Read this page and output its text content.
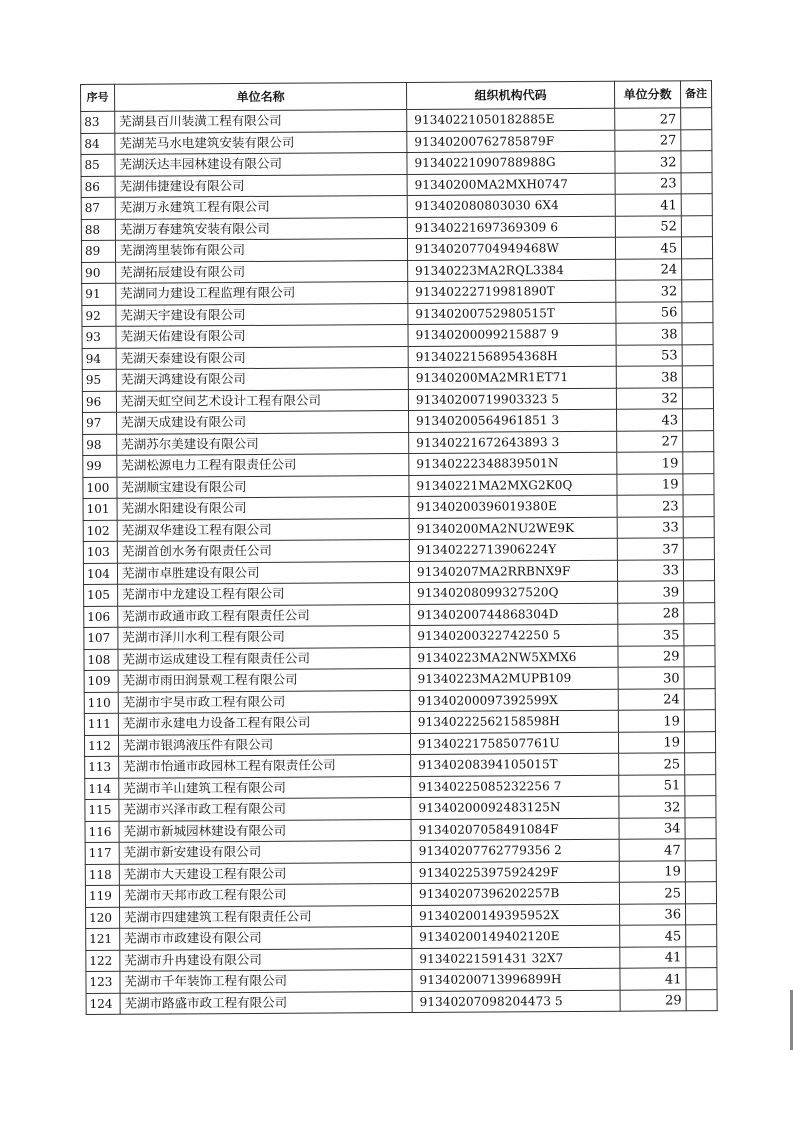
序号	单位名称	组织机构代码	单位分数	备注
83	芜湖县百川装潢工程有限公司	91340221050182885E	27	
84	芜湖芜马水电建筑安装有限公司	91340200762785879F	27	
85	芜湖沃达丰园林建设有限公司	91340221090788988G	32	
86	芜湖伟捷建设有限公司	91340200MA2MXH0747	23	
87	芜湖万永建筑工程有限公司	913402080803030 6X4	41	
88	芜湖万春建筑安装有限公司	91340221697369309 6	52	
89	芜湖湾里装饰有限公司	91340207704949468W	45	
90	芜湖拓辰建设有限公司	91340223MA2RQL3384	24	
91	芜湖同力建设工程监理有限公司	91340222719981890T	32	
92	芜湖天宇建设有限公司	91340200752980515T	56	
93	芜湖天佑建设有限公司	91340200099215887 9	38	
94	芜湖天泰建设有限公司	91340221568954368H	53	
95	芜湖天鸿建设有限公司	91340200MA2MR1ET71	38	
96	芜湖天虹空间艺术设计工程有限公司	91340200719903323 5	32	
97	芜湖天成建设有限公司	91340200564961851 3	43	
98	芜湖苏尔美建设有限公司	91340221672643893 3	27	
99	芜湖松源电力工程有限责任公司	91340222348839501N	19	
100	芜湖顺宝建设有限公司	91340221MA2MXG2K0Q	19	
101	芜湖水阳建设有限公司	91340200396019380E	23	
102	芜湖双华建设工程有限公司	91340200MA2NU2WE9K	33	
103	芜湖首创水务有限责任公司	91340222713906224Y	37	
104	芜湖市卓胜建设有限公司	91340207MA2RRBNX9F	33	
105	芜湖市中龙建设工程有限公司	91340208099327520Q	39	
106	芜湖市政通市政工程有限责任公司	91340200744868304D	28	
107	芜湖市泽川水利工程有限公司	91340200322742250 5	35	
108	芜湖市运成建设工程有限责任公司	91340223MA2NW5XMX6	29	
109	芜湖市雨田润景观工程有限公司	91340223MA2MUPB109	30	
110	芜湖市宇昊市政工程有限公司	91340200097392599X	24	
111	芜湖市永建电力设备工程有限公司	91340222562158598H	19	
112	芜湖市银鸿液压件有限公司	91340221758507761U	19	
113	芜湖市怡通市政园林工程有限责任公司	91340208394105015T	25	
114	芜湖市羊山建筑工程有限公司	91340225085232256 7	51	
115	芜湖市兴泽市政工程有限公司	91340200092483125N	32	
116	芜湖市新城园林建设有限公司	91340207058491084F	34	
117	芜湖市新安建设有限公司	91340207762779356 2	47	
118	芜湖市大天建设工程有限公司	91340225397592429F	19	
119	芜湖市天邦市政工程有限公司	91340207396202257B	25	
120	芜湖市四建建筑工程有限责任公司	91340200149395952X	36	
121	芜湖市市政建设有限公司	91340200149402120E	45	
122	芜湖市升冉建设有限公司	91340221591431 32X7	41	
123	芜湖市千年装饰工程有限公司	91340200713996899H	41	
124	芜湖市路盛市政工程有限公司	91340207098204473 5	29	
